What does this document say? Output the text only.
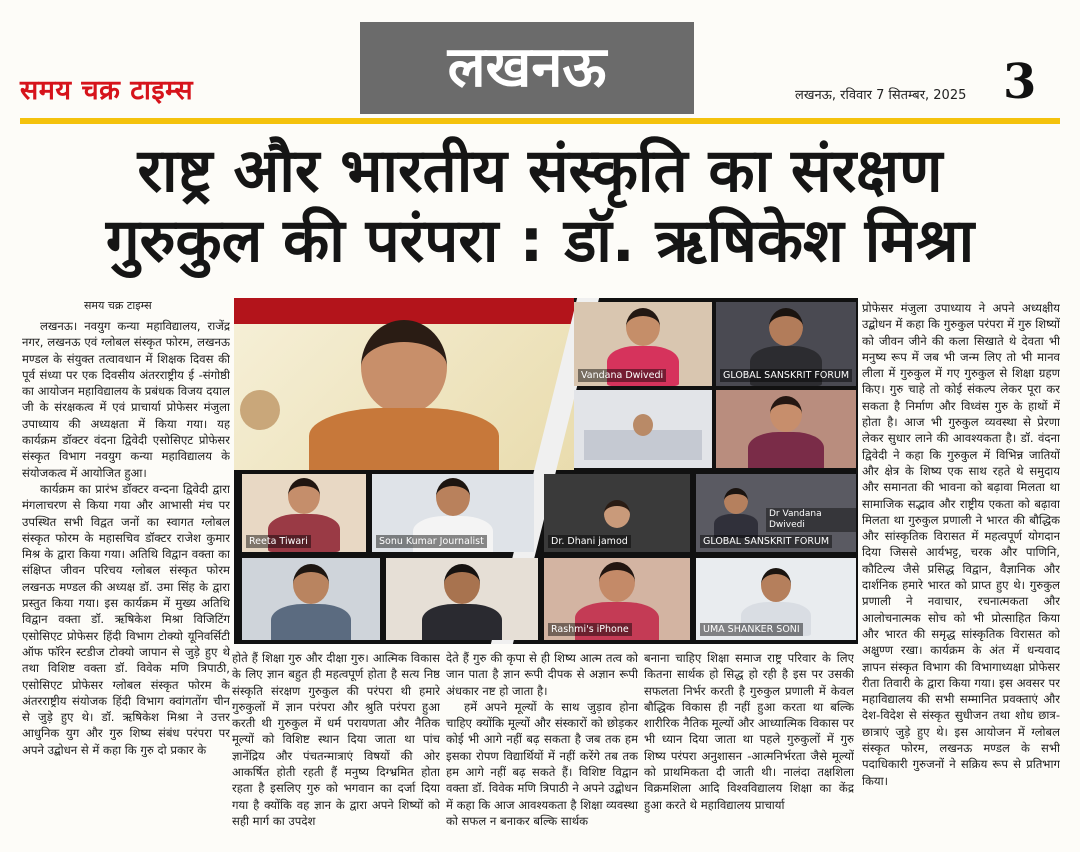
समय चक्र टाइम्स	लखनऊ	लखनऊ, रविवार 7 सितम्बर, 2025 3
राष्ट्र और भारतीय संस्कृति का संरक्षण
गुरुकुल की परंपरा : डॉ. ऋषिकेश मिश्रा
समय चक्र टाइम्स

लखनऊ। नवयुग कन्या महाविद्यालय, राजेंद्र नगर, लखनऊ एवं ग्लोबल संस्कृत फोरम, लखनऊ मण्डल के संयुक्त तत्वावधान में शिक्षक दिवस की पूर्व संध्या पर एक दिवसीय अंतरराष्ट्रीय ई -संगोष्ठी का आयोजन महाविद्यालय के प्रबंधक विजय दयाल जी के संरक्षकत्व में एवं प्राचार्या प्रोफेसर मंजुला उपाध्याय की अध्यक्षता में किया गया। यह कार्यक्रम डॉक्टर वंदना द्विवेदी एसोसिएट प्रोफेसर संस्कृत विभाग नवयुग कन्या महाविद्यालय के संयोजकत्व में आयोजित हुआ।

कार्यक्रम का प्रारंभ डॉक्टर वन्दना द्विवेदी द्वारा मंगलाचरण से किया गया और आभासी मंच पर उपस्थित सभी विद्वत जनों का स्वागत ग्लोबल संस्कृत फोरम के महासचिव डॉक्टर राजेश कुमार मिश्र के द्वारा किया गया। अतिथि विद्वान वक्ता का संक्षिप्त जीवन परिचय ग्लोबल संस्कृत फोरम लखनऊ मण्डल की अध्यक्ष डॉ. उमा सिंह के द्वारा प्रस्तुत किया गया। इस कार्यक्रम में मुख्य अतिथि विद्वान वक्ता डॉ. ऋषिकेश मिश्रा विजिटिंग एसोसिएट प्रोफेसर हिंदी विभाग टोक्यो यूनिवर्सिटी ऑफ फॉरेन स्टडीज टोक्यो जापान से जुड़े हुए थे तथा विशिष्ट वक्ता डॉ. विवेक मणि त्रिपाठी, एसोसिएट प्रोफेसर ग्लोबल संस्कृत फोरम के अंतरराष्ट्रीय संयोजक हिंदी विभाग क्वांगतोंग चीन से जुड़े हुए थे। डॉ. ऋषिकेश मिश्रा ने उत्तर आधुनिक युग और गुरु शिष्य संबंध परंपरा पर अपने उद्बोधन से में कहा कि गुरु दो प्रकार के

Vandana Dwivedi	GLOBAL SANSKRIT FORUM
Reeta Tiwari	Sonu Kumar Journalist	Dr. Dhani jamod
Dr Vandana Dwivedi
GLOBAL SANSKRIT FORUM
Rashmi's iPhone	UMA SHANKER SONI

होते हैं शिक्षा गुरु और दीक्षा गुरु। आत्मिक विकास के लिए ज्ञान बहुत ही महत्वपूर्ण होता है सत्य निष्ठ संस्कृति संरक्षण गुरुकुल की परंपरा थी हमारे गुरुकुलों में ज्ञान परंपरा और श्रुति परंपरा हुआ करती थी गुरुकुल में धर्म परायणता और नैतिक मूल्यों को विशिष्ट स्थान दिया जाता था पांच ज्ञानेंद्रिय और पंचतन्मात्राएं विषयों की ओर आकर्षित होती रहती हैं मनुष्य दिग्भ्रमित होता रहता है इसलिए गुरु को भगवान का दर्जा दिया गया है क्योंकि वह ज्ञान के द्वारा अपने शिष्यों को सही मार्ग का उपदेश

देते हैं गुरु की कृपा से ही शिष्य आत्म तत्व को जान पाता है ज्ञान रूपी दीपक से अज्ञान रूपी अंधकार नष्ट हो जाता है।

हमें अपने मूल्यों के साथ जुड़ाव होना चाहिए क्योंकि मूल्यों और संस्कारों को छोड़कर कोई भी आगे नहीं बढ़ सकता है जब तक हम इसका रोपण विद्यार्थियों में नहीं करेंगे तब तक हम आगे नहीं बढ़ सकते हैं। विशिष्ट विद्वान वक्ता डॉ. विवेक मणि त्रिपाठी ने अपने उद्बोधन में कहा कि आज आवश्यकता है शिक्षा व्यवस्था को सफल न बनाकर बल्कि सार्थक

बनाना चाहिए शिक्षा समाज राष्ट्र परिवार के लिए कितना सार्थक हो सिद्ध हो रही है इस पर उसकी सफलता निर्भर करती है गुरुकुल प्रणाली में केवल बौद्धिक विकास ही नहीं हुआ करता था बल्कि शारीरिक नैतिक मूल्यों और आध्यात्मिक विकास पर भी ध्यान दिया जाता था पहले गुरुकुलों में गुरु शिष्य परंपरा अनुशासन -आत्मनिर्भरता जैसे मूल्यों को प्राथमिकता दी जाती थी। नालंदा तक्षशिला विक्रमशिला आदि विश्वविद्यालय शिक्षा का केंद्र हुआ करते थे महाविद्यालय प्राचार्या

प्रोफेसर मंजुला उपाध्याय ने अपने अध्यक्षीय उद्बोधन में कहा कि गुरुकुल परंपरा में गुरु शिष्यों को जीवन जीने की कला सिखाते थे देवता भी मनुष्य रूप में जब भी जन्म लिए तो भी मानव लीला में गुरुकुल में गए गुरुकुल से शिक्षा ग्रहण किए। गुरु चाहे तो कोई संकल्प लेकर पूरा कर सकता है निर्माण और विध्वंस गुरु के हाथों में होता है। आज भी गुरुकुल व्यवस्था से प्रेरणा लेकर सुधार लाने की आवश्यकता है। डॉ. वंदना द्विवेदी ने कहा कि गुरुकुल में विभिन्न जातियों और क्षेत्र के शिष्य एक साथ रहते थे समुदाय और समानता की भावना को बढ़ावा मिलता था सामाजिक सद्भाव और राष्ट्रीय एकता को बढ़ावा मिलता था गुरुकुल प्रणाली ने भारत की बौद्धिक और सांस्कृतिक विरासत में महत्वपूर्ण योगदान दिया जिससे आर्यभट्ट, चरक और पाणिनि, कौटिल्य जैसे प्रसिद्ध विद्वान, वैज्ञानिक और दार्शनिक हमारे भारत को प्राप्त हुए थे। गुरुकुल प्रणाली ने नवाचार, रचनात्मकता और आलोचनात्मक सोच को भी प्रोत्साहित किया और भारत की समृद्ध सांस्कृतिक विरासत को अक्षुण्ण रखा। कार्यक्रम के अंत में धन्यवाद ज्ञापन संस्कृत विभाग की विभागाध्यक्षा प्रोफेसर रीता तिवारी के द्वारा किया गया। इस अवसर पर महाविद्यालय की सभी सम्मानित प्रवक्ताएं और देश-विदेश से संस्कृत सुधीजन तथा शोध छात्र-छात्राएं जुड़े हुए थे। इस आयोजन में ग्लोबल संस्कृत फोरम, लखनऊ मण्डल के सभी पदाधिकारी गुरुजनों ने सक्रिय रूप से प्रतिभाग किया।
